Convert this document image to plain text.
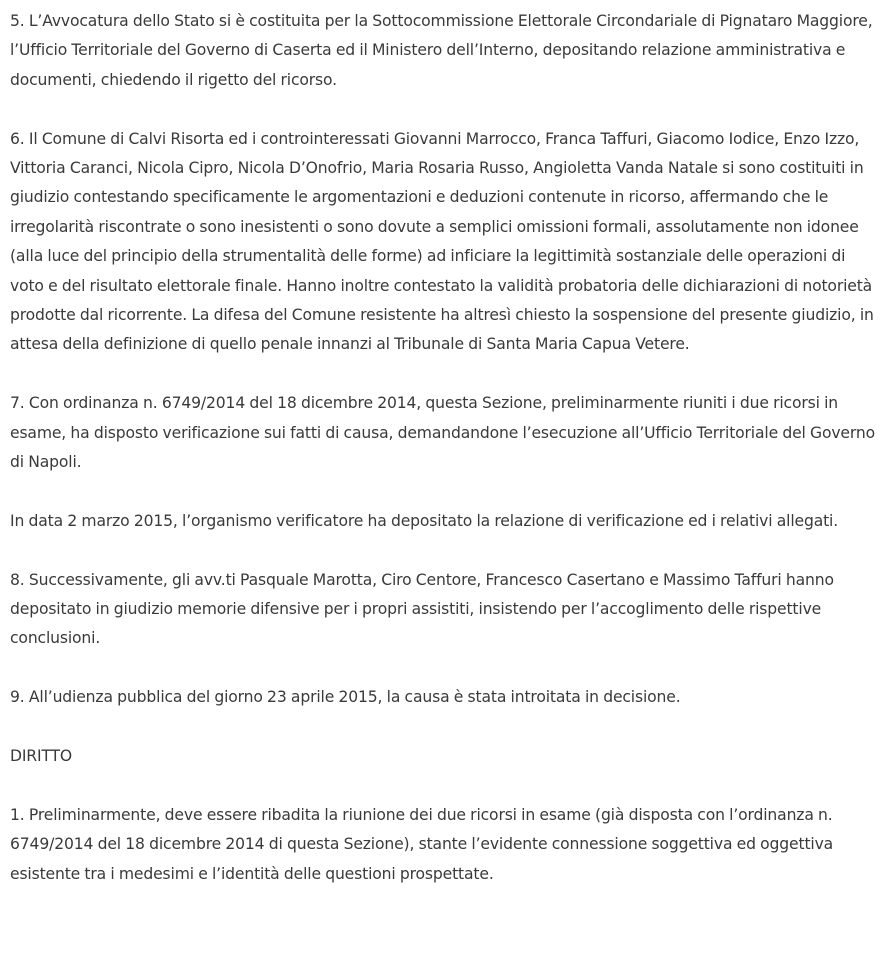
5. L’Avvocatura dello Stato si è costituita per la Sottocommissione Elettorale Circondariale di Pignataro Maggiore, l’Ufficio Territoriale del Governo di Caserta ed il Ministero dell’Interno, depositando relazione amministrativa e documenti, chiedendo il rigetto del ricorso.

6. Il Comune di Calvi Risorta ed i controinteressati Giovanni Marrocco, Franca Taffuri, Giacomo Iodice, Enzo Izzo, Vittoria Caranci, Nicola Cipro, Nicola D’Onofrio, Maria Rosaria Russo, Angioletta Vanda Natale si sono costituiti in giudizio contestando specificamente le argomentazioni e deduzioni contenute in ricorso, affermando che le irregolarità riscontrate o sono inesistenti o sono dovute a semplici omissioni formali, assolutamente non idonee (alla luce del principio della strumentalità delle forme) ad inficiare la legittimità sostanziale delle operazioni di voto e del risultato elettorale finale. Hanno inoltre contestato la validità probatoria delle dichiarazioni di notorietà prodotte dal ricorrente. La difesa del Comune resistente ha altresì chiesto la sospensione del presente giudizio, in attesa della definizione di quello penale innanzi al Tribunale di Santa Maria Capua Vetere.

7. Con ordinanza n. 6749/2014 del 18 dicembre 2014, questa Sezione, preliminarmente riuniti i due ricorsi in esame, ha disposto verificazione sui fatti di causa, demandandone l’esecuzione all’Ufficio Territoriale del Governo di Napoli.

In data 2 marzo 2015, l’organismo verificatore ha depositato la relazione di verificazione ed i relativi allegati.

8. Successivamente, gli avv.ti Pasquale Marotta, Ciro Centore, Francesco Casertano e Massimo Taffuri hanno depositato in giudizio memorie difensive per i propri assistiti, insistendo per l’accoglimento delle rispettive conclusioni.

9. All’udienza pubblica del giorno 23 aprile 2015, la causa è stata introitata in decisione.

DIRITTO

1. Preliminarmente, deve essere ribadita la riunione dei due ricorsi in esame (già disposta con l’ordinanza n. 6749/2014 del 18 dicembre 2014 di questa Sezione), stante l’evidente connessione soggettiva ed oggettiva esistente tra i medesimi e l’identità delle questioni prospettate.
